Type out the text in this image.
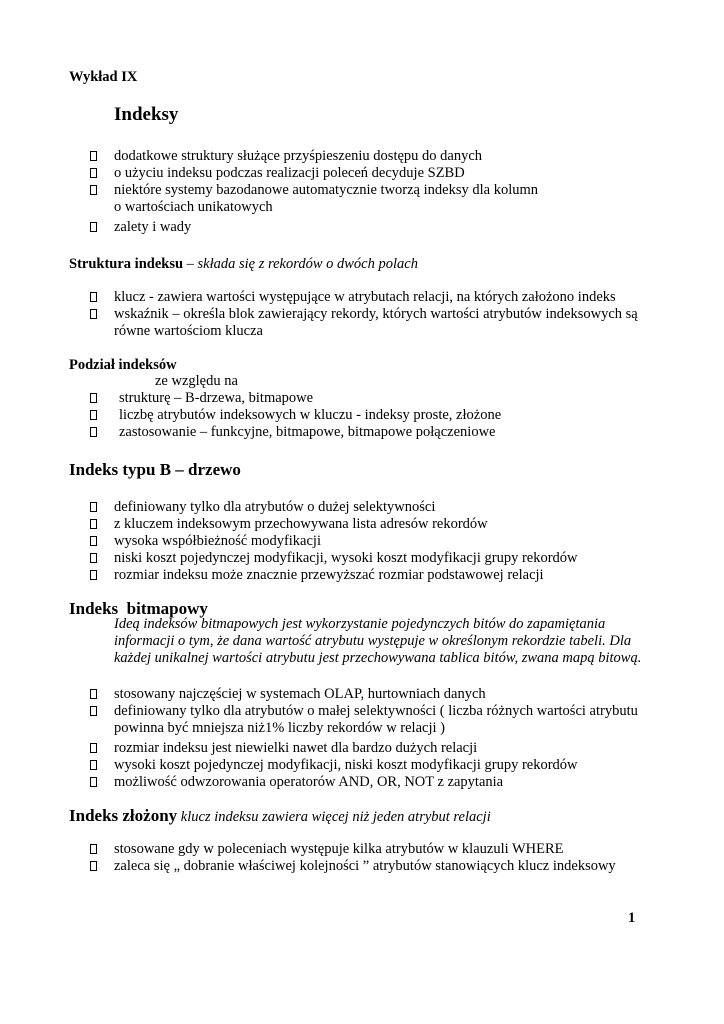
Wykład IX
Indeksy
dodatkowe struktury służące przyśpieszeniu dostępu do danych
o użyciu indeksu podczas realizacji poleceń decyduje SZBD
niektóre systemy bazodanowe automatycznie tworzą indeksy dla kolumn
o wartościach unikatowych
zalety i wady
Struktura indeksu – składa się z rekordów o dwóch polach
klucz - zawiera wartości występujące w atrybutach relacji, na których założono indeks
wskaźnik – określa blok zawierający rekordy, których wartości atrybutów indeksowych są
równe wartościom klucza
Podział indeksów
ze względu na
strukturę – B-drzewa, bitmapowe
liczbę atrybutów indeksowych w kluczu - indeksy proste, złożone
zastosowanie – funkcyjne, bitmapowe, bitmapowe połączeniowe
Indeks typu B – drzewo
definiowany tylko dla atrybutów o dużej selektywności
z kluczem indeksowym przechowywana lista adresów rekordów
wysoka współbieżność modyfikacji
niski koszt pojedynczej modyfikacji, wysoki koszt modyfikacji grupy rekordów
rozmiar indeksu może znacznie przewyższać rozmiar podstawowej relacji
Indeks  bitmapowy
Ideą indeksów bitmapowych jest wykorzystanie pojedynczych bitów do zapamiętania
informacji o tym, że dana wartość atrybutu występuje w określonym rekordzie tabeli. Dla
każdej unikalnej wartości atrybutu jest przechowywana tablica bitów, zwana mapą bitową.
stosowany najczęściej w systemach OLAP, hurtowniach danych
definiowany tylko dla atrybutów o małej selektywności ( liczba różnych wartości atrybutu
powinna być mniejsza niż1% liczby rekordów w relacji )
rozmiar indeksu jest niewielki nawet dla bardzo dużych relacji
wysoki koszt pojedynczej modyfikacji, niski koszt modyfikacji grupy rekordów
możliwość odwzorowania operatorów AND, OR, NOT z zapytania
Indeks złożony klucz indeksu zawiera więcej niż jeden atrybut relacji
stosowane gdy w poleceniach występuje kilka atrybutów w klauzuli WHERE
zaleca się „ dobranie właściwej kolejności ” atrybutów stanowiących klucz indeksowy
1
